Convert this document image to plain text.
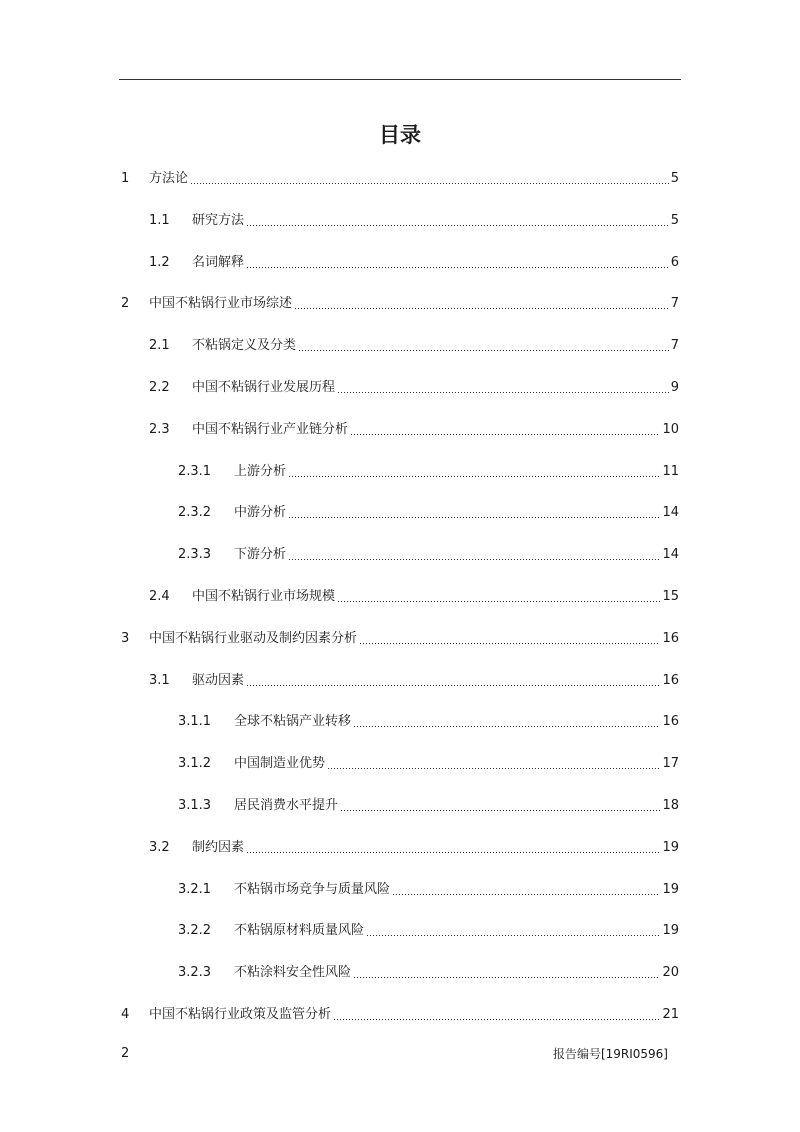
目录
1	方法论	5
1.1	研究方法	5
1.2	名词解释	6
2	中国不粘锅行业市场综述	7
2.1	不粘锅定义及分类	7
2.2	中国不粘锅行业发展历程	9
2.3	中国不粘锅行业产业链分析	10
2.3.1	上游分析	11
2.3.2	中游分析	14
2.3.3	下游分析	14
2.4	中国不粘锅行业市场规模	15
3	中国不粘锅行业驱动及制约因素分析	16
3.1	驱动因素	16
3.1.1	全球不粘锅产业转移	16
3.1.2	中国制造业优势	17
3.1.3	居民消费水平提升	18
3.2	制约因素	19
3.2.1	不粘锅市场竞争与质量风险	19
3.2.2	不粘锅原材料质量风险	19
3.2.3	不粘涂料安全性风险	20
4	中国不粘锅行业政策及监管分析	21
2	报告编号[19RI0596]
